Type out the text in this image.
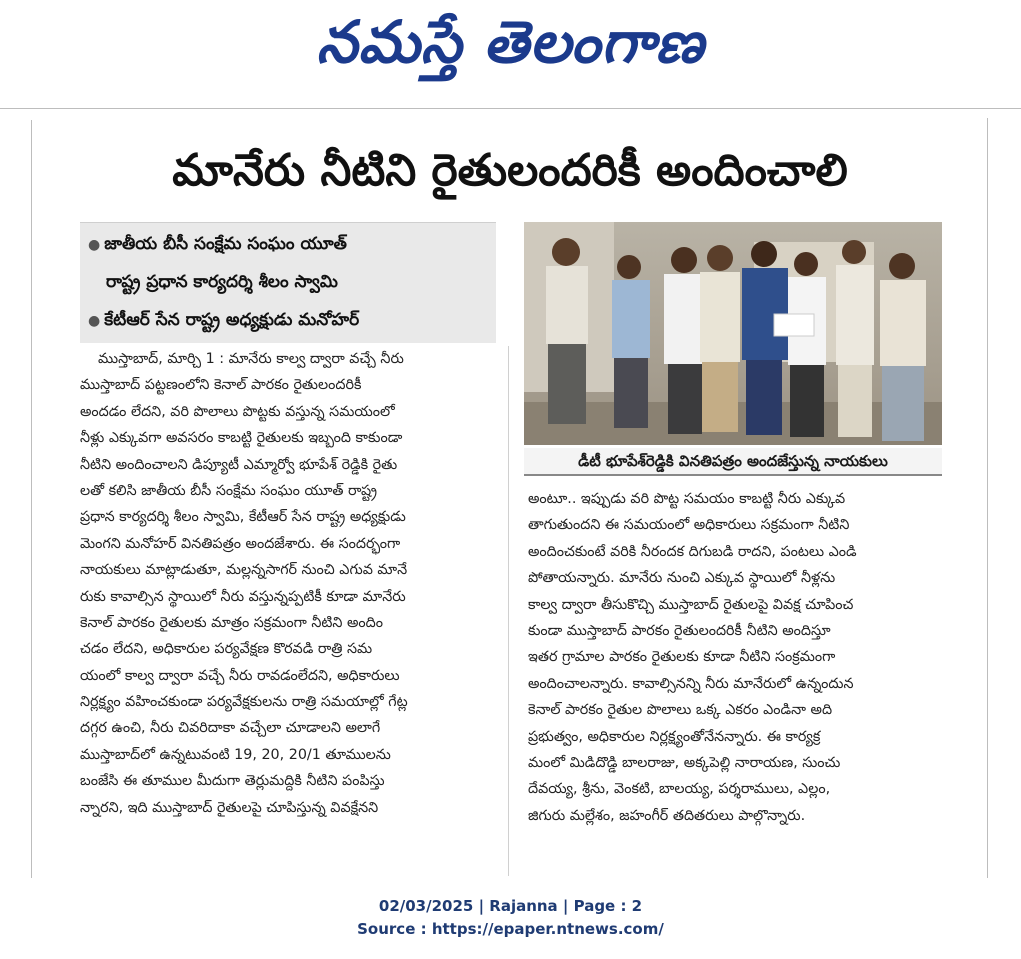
నమస్తే తెలంగాణ
మానేరు నీటిని రైతులందరికీ అందించాలి
● జాతీయ బీసీ సంక్షేమ సంఘం యూత్
రాష్ట్ర ప్రధాన కార్యదర్శి శీలం స్వామి
● కేటీఆర్ సేన రాష్ట్ర అధ్యక్షుడు మనోహర్
డీటీ భూపేశ్‌రెడ్డికి వినతిపత్రం అందజేస్తున్న నాయకులు
ముస్తాబాద్, మార్చి 1 : మానేరు కాల్వ ద్వారా వచ్చే నీరు
ముస్తాబాద్ పట్టణంలోని కెనాల్ పారకం రైతులందరికీ
అందడం లేదని, వరి పొలాలు పొట్టకు వస్తున్న సమయంలో
నీళ్లు ఎక్కువగా అవసరం కాబట్టి రైతులకు ఇబ్బంది కాకుండా
నీటిని అందించాలని డిప్యూటీ ఎమ్మార్వో భూపేశ్ రెడ్డికి రైతు
లతో కలిసి జాతీయ బీసీ సంక్షేమ సంఘం యూత్ రాష్ట్ర
ప్రధాన కార్యదర్శి శీలం స్వామి, కేటీఆర్ సేన రాష్ట్ర అధ్యక్షుడు
మెంగని మనోహర్ వినతిపత్రం అందజేశారు. ఈ సందర్భంగా
నాయకులు మాట్లాడుతూ, మల్లన్నసాగర్ నుంచి ఎగువ మానే
రుకు కావాల్సిన స్థాయిలో నీరు వస్తున్నప్పటికీ కూడా మానేరు
కెనాల్ పారకం రైతులకు మాత్రం సక్రమంగా నీటిని అందిం
చడం లేదని, అధికారుల పర్యవేక్షణ కొరవడి రాత్రి సమ
యంలో కాల్వ ద్వారా వచ్చే నీరు రావడంలేదని, అధికారులు
నిర్లక్ష్యం వహించకుండా పర్యవేక్షకులను రాత్రి సమయాల్లో గేట్ల
దగ్గర ఉంచి, నీరు చివరిదాకా వచ్చేలా చూడాలని అలాగే
ముస్తాబాద్‌లో ఉన్నటువంటి 19, 20, 20/1 తూములను
బంజేసి ఈ తూముల మీదుగా తెర్లుమద్దికి నీటిని పంపిస్తు
న్నారని, ఇది ముస్తాబాద్ రైతులపై చూపిస్తున్న వివక్షేనని
అంటూ.. ఇప్పుడు వరి పొట్ట సమయం కాబట్టి నీరు ఎక్కువ
తాగుతుందని ఈ సమయంలో అధికారులు సక్రమంగా నీటిని
అందించకుంటే వరికి నీరందక దిగుబడి రాదని, పంటలు ఎండి
పోతాయన్నారు. మానేరు నుంచి ఎక్కువ స్థాయిలో నీళ్లను
కాల్వ ద్వారా తీసుకొచ్చి ముస్తాబాద్ రైతులపై వివక్ష చూపించ
కుండా ముస్తాబాద్ పారకం రైతులందరికీ నీటిని అందిస్తూ
ఇతర గ్రామాల పారకం రైతులకు కూడా నీటిని సంక్రమంగా
అందించాలన్నారు. కావాల్సినన్ని నీరు మానేరులో ఉన్నందున
కెనాల్ పారకం రైతుల పొలాలు ఒక్క ఎకరం ఎండినా అది
ప్రభుత్వం, అధికారుల నిర్లక్ష్యంతోనేనన్నారు. ఈ కార్యక్ర
మంలో మిడిదొడ్డి బాలరాజు, అక్కపెల్లి నారాయణ, సుంచు
దేవయ్య, శ్రీను, వెంకటి, బాలయ్య, పర్శరాములు, ఎల్లం,
జిగురు మల్లేశం, జహంగీర్ తదితరులు పాల్గొన్నారు.
02/03/2025 | Rajanna | Page : 2
Source : https://epaper.ntnews.com/
